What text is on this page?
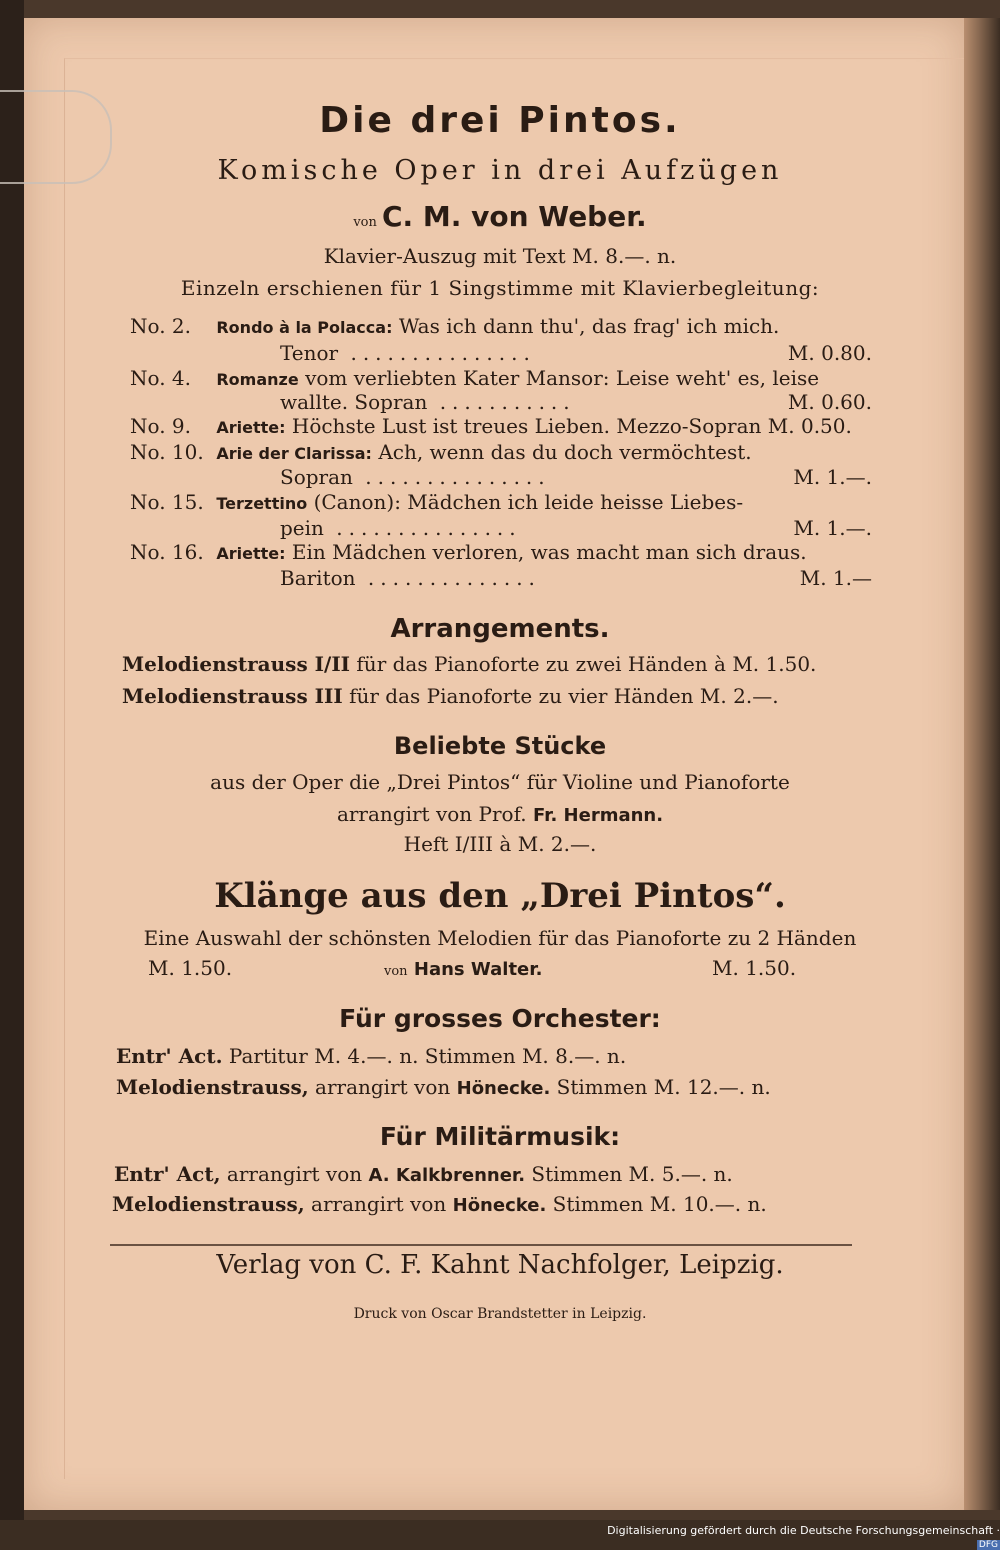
Die drei Pintos.
Komische Oper in drei Aufzügen
von C. M. von Weber.
Klavier-Auszug mit Text M. 8.—. n.
Einzeln erschienen für 1 Singstimme mit Klavierbegleitung:
No. 2. Rondo à la Polacca: Was ich dann thu', das frag' ich mich.
Tenor ...............	M. 0.80.
No. 4. Romanze vom verliebten Kater Mansor: Leise weht' es, leise
wallte. Sopran ...........	M. 0.60.
No. 9. Ariette: Höchste Lust ist treues Lieben. Mezzo-Sopran M. 0.50.
No. 10. Arie der Clarissa: Ach, wenn das du doch vermöchtest.
Sopran ...............	M. 1.—.
No. 15. Terzettino (Canon): Mädchen ich leide heisse Liebes-
pein ...............	M. 1.—.
No. 16. Ariette: Ein Mädchen verloren, was macht man sich draus.
Bariton ..............	M. 1.—
Arrangements.
Melodienstrauss I/II für das Pianoforte zu zwei Händen à M. 1.50.
Melodienstrauss III für das Pianoforte zu vier Händen M. 2.—.
Beliebte Stücke
aus der Oper die „Drei Pintos“ für Violine und Pianoforte
arrangirt von Prof. Fr. Hermann.
Heft I/III à M. 2.—.
Klänge aus den „Drei Pintos“.
Eine Auswahl der schönsten Melodien für das Pianoforte zu 2 Händen
M. 1.50.	von Hans Walter.	M. 1.50.
Für grosses Orchester:
Entr' Act. Partitur M. 4.—. n. Stimmen M. 8.—. n.
Melodienstrauss, arrangirt von Hönecke. Stimmen M. 12.—. n.
Für Militärmusik:
Entr' Act, arrangirt von A. Kalkbrenner. Stimmen M. 5.—. n.
Melodienstrauss, arrangirt von Hönecke. Stimmen M. 10.—. n.
Verlag von C. F. Kahnt Nachfolger, Leipzig.
Druck von Oscar Brandstetter in Leipzig.
Digitalisierung gefördert durch die Deutsche Forschungsgemeinschaft ·DFG
